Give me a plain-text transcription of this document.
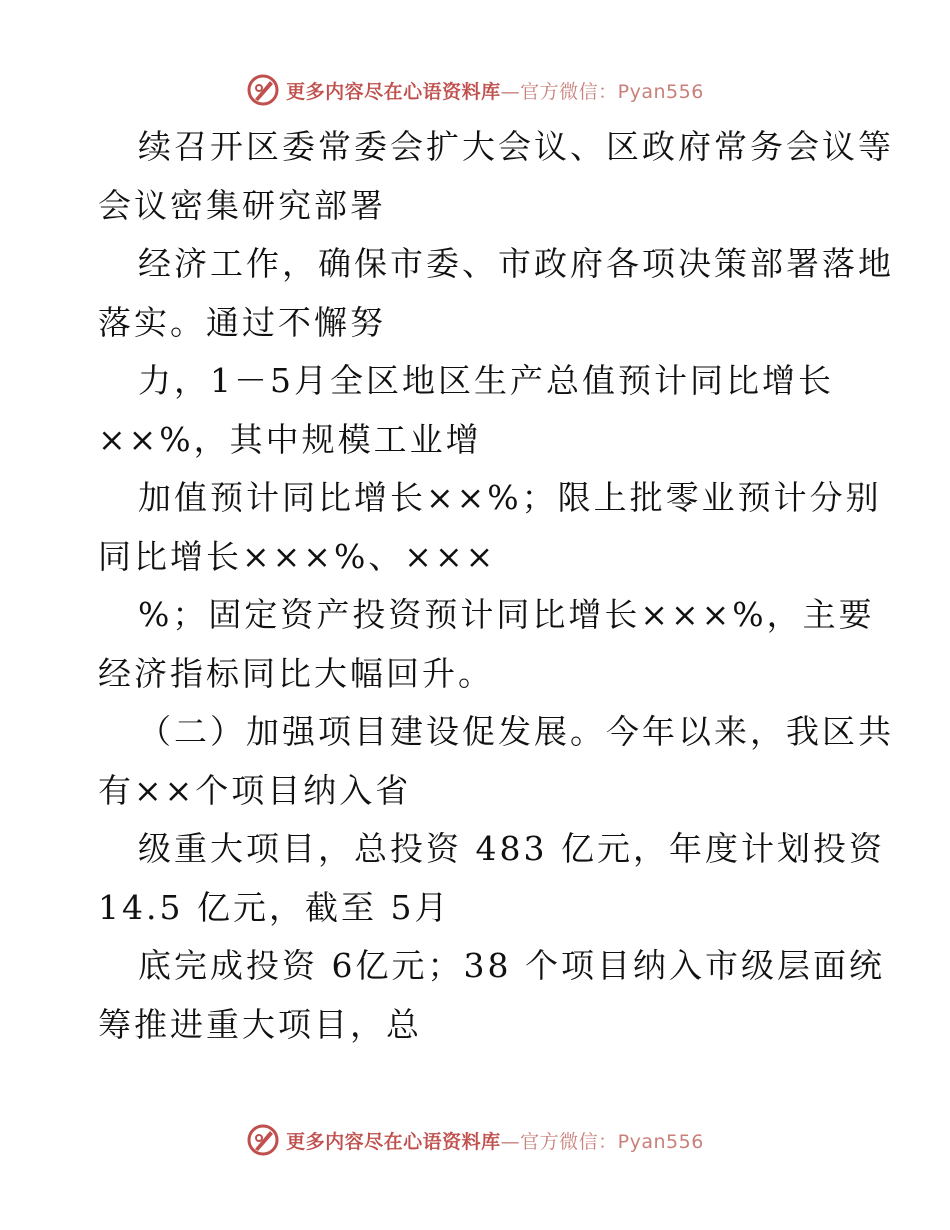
更多内容尽在心语资料库—官方微信：Pyan556

续召开区委常委会扩大会议、区政府常务会议等

会议密集研究部署

经济工作，确保市委、市政府各项决策部署落地

落实。通过不懈努

力，1－5月全区地区生产总值预计同比增长

××%，其中规模工业增

加值预计同比增长××%；限上批零业预计分别

同比增长×××%、×××

%；固定资产投资预计同比增长×××%，主要

经济指标同比大幅回升。

（二）加强项目建设促发展。今年以来，我区共

有××个项目纳入省

级重大项目，总投资 483 亿元，年度计划投资

14.5 亿元，截至 5月

底完成投资 6亿元；38 个项目纳入市级层面统

筹推进重大项目，总

更多内容尽在心语资料库—官方微信：Pyan556
